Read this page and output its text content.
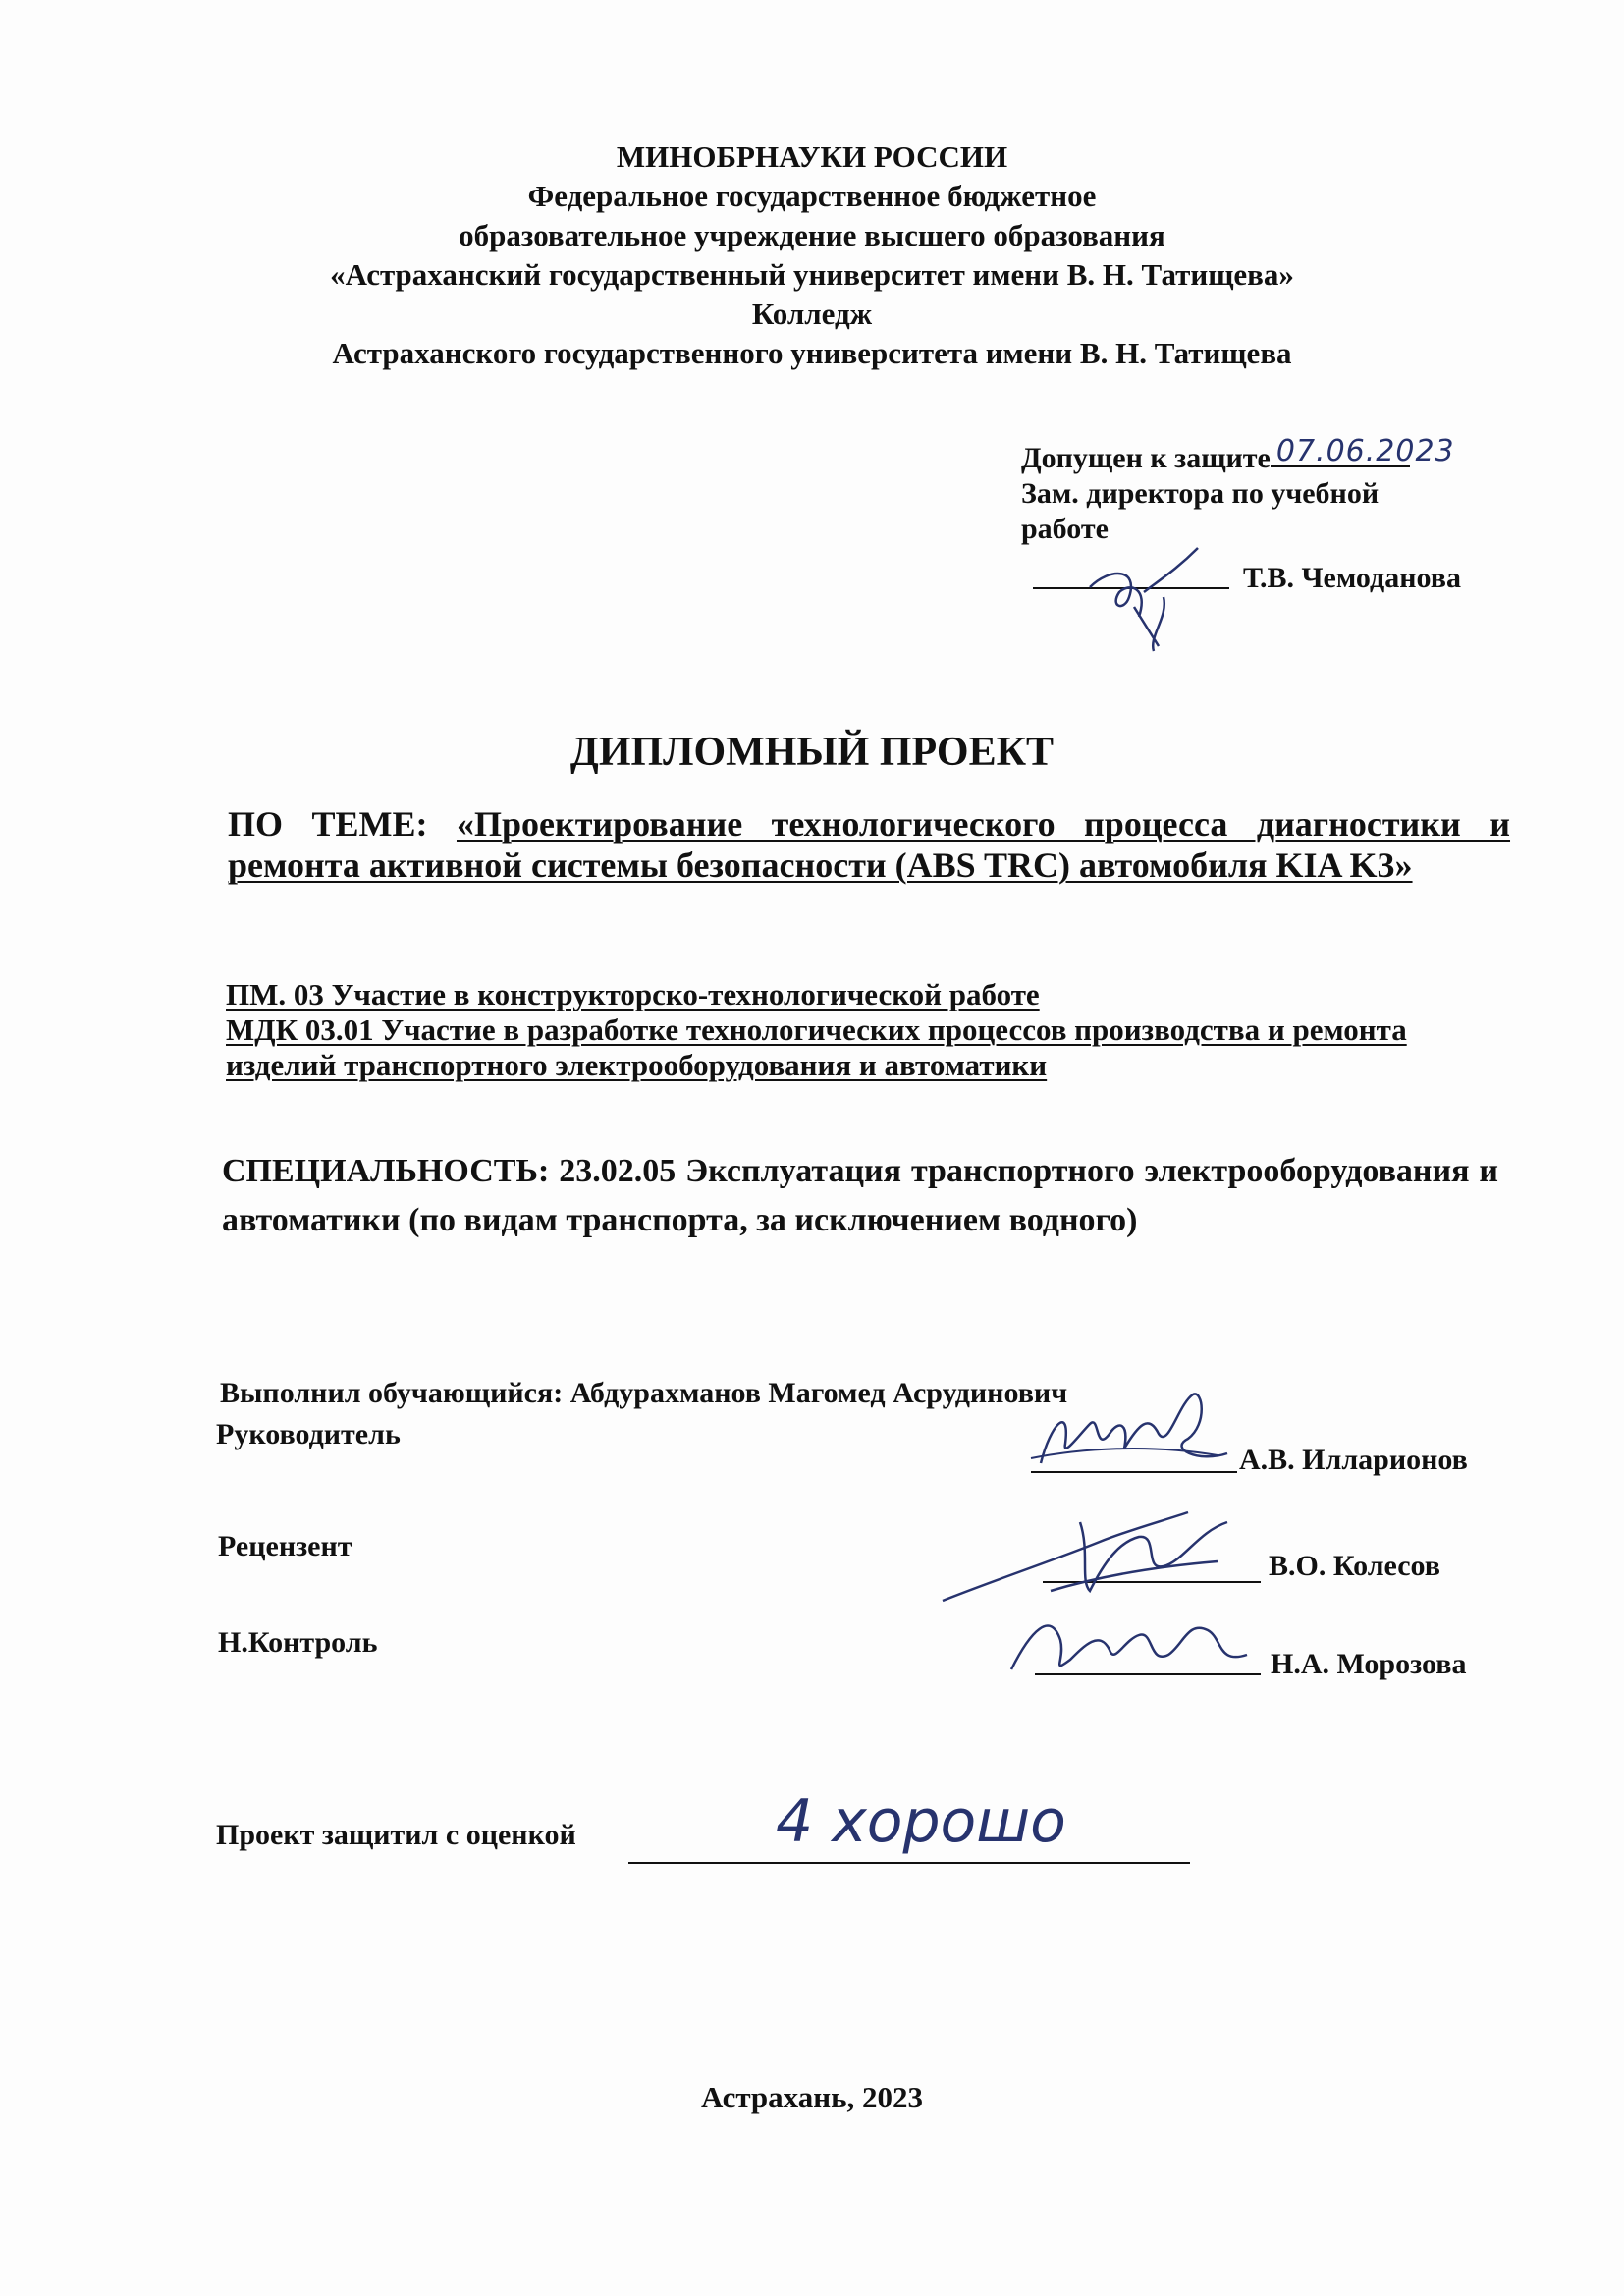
МИНОБРНАУКИ РОССИИ
Федеральное государственное бюджетное
образовательное учреждение высшего образования
«Астраханский государственный университет имени В. Н. Татищева»
Колледж
Астраханского государственного университета имени В. Н. Татищева
Допущен к защите 07.06.2023
Зам. директора по учебной
работе
Т.В. Чемоданова
ДИПЛОМНЫЙ ПРОЕКТ
ПО ТЕМЕ: «Проектирование технологического процесса диагностики и ремонта активной системы безопасности (ABS TRC) автомобиля KIA K3»
ПМ. 03 Участие в конструкторско-технологической работе
МДК 03.01 Участие в разработке технологических процессов производства и ремонта
изделий транспортного электрооборудования и автоматики
СПЕЦИАЛЬНОСТЬ: 23.02.05 Эксплуатация транспортного электрооборудования и автоматики (по видам транспорта, за исключением водного)
Выполнил обучающийся: Абдурахманов Магомед Асрудинович
Руководитель
А.В. Илларионов
Рецензент
В.О. Колесов
Н.Контроль
Н.А. Морозова
Проект защитил с оценкой	4 хорошо
Астрахань, 2023
